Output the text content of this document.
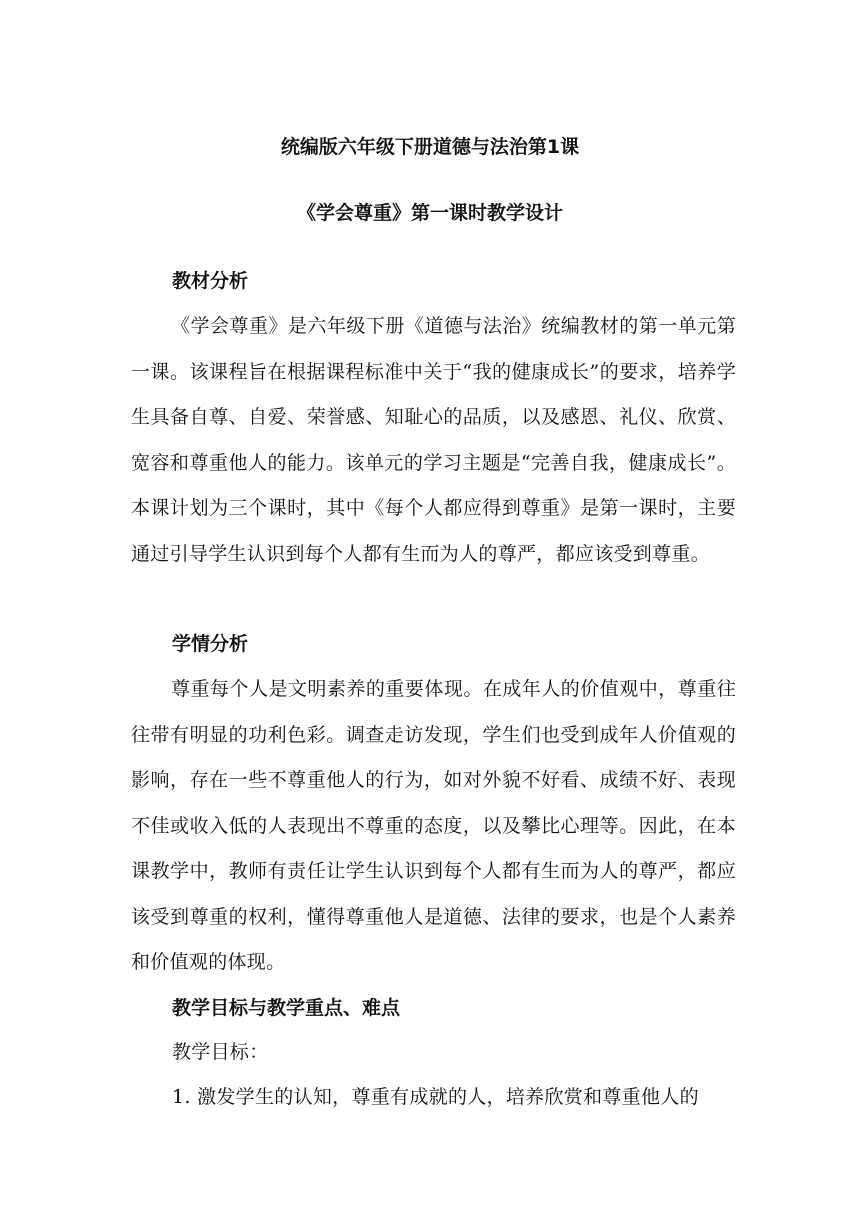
统编版六年级下册道德与法治第1课
《学会尊重》第一课时教学设计
教材分析

《学会尊重》是六年级下册《道德与法治》统编教材的第一单元第一课。该课程旨在根据课程标准中关于“我的健康成长”的要求，培养学生具备自尊、自爱、荣誉感、知耻心的品质，以及感恩、礼仪、欣赏、宽容和尊重他人的能力。该单元的学习主题是“完善自我，健康成长”。本课计划为三个课时，其中《每个人都应得到尊重》是第一课时，主要通过引导学生认识到每个人都有生而为人的尊严，都应该受到尊重。

学情分析

尊重每个人是文明素养的重要体现。在成年人的价值观中，尊重往往带有明显的功利色彩。调查走访发现，学生们也受到成年人价值观的影响，存在一些不尊重他人的行为，如对外貌不好看、成绩不好、表现不佳或收入低的人表现出不尊重的态度，以及攀比心理等。因此，在本课教学中，教师有责任让学生认识到每个人都有生而为人的尊严，都应该受到尊重的权利，懂得尊重他人是道德、法律的要求，也是个人素养和价值观的体现。

教学目标与教学重点、难点

教学目标：

1. 激发学生的认知，尊重有成就的人，培养欣赏和尊重他人的
